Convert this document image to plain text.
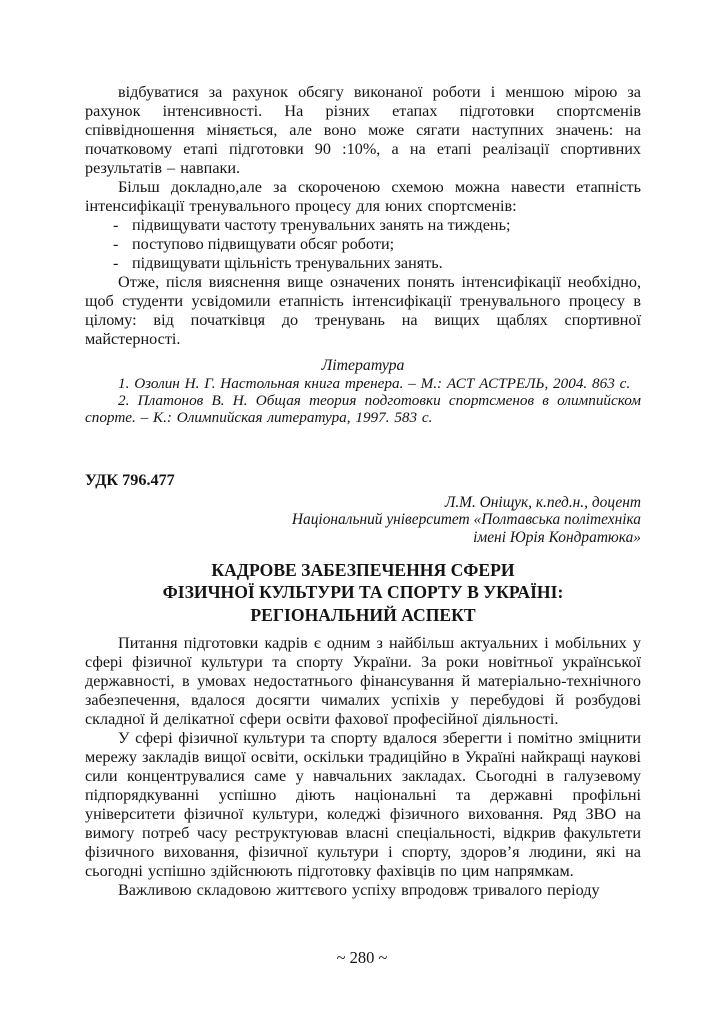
відбуватися за рахунок обсягу виконаної роботи і меншою мірою за рахунок інтенсивності. На різних етапах підготовки спортсменів співвідношення міняється, але воно може сягати наступних значень: на початковому етапі підготовки 90 :10%, а на етапі реалізації спортивних результатів – навпаки.

Більш докладно,але за скороченою схемою можна навести етапність інтенсифікації тренувального процесу для юних спортсменів:

- підвищувати частоту тренувальних занять на тиждень;
- поступово підвищувати обсяг роботи;
- підвищувати щільність тренувальних занять.

Отже, після вияснення вище означених понять інтенсифікації необхідно, щоб студенти усвідомили етапність інтенсифікації тренувального процесу в цілому: від початківця до тренувань на вищих щаблях спортивної майстерності.

Література

1. Озолин Н. Г. Настольная книга тренера. – М.: АСТ АСТРЕЛЬ, 2004. 863 с.

2. Платонов В. Н. Общая теория подготовки спортсменов в олимпийском спорте. – К.: Олимпийская литература, 1997. 583 с.

УДК 796.477
Л.М. Оніщук, к.пед.н., доцент
Національний університет «Полтавська політехніка
імені Юрія Кондратюка»
КАДРОВЕ ЗАБЕЗПЕЧЕННЯ СФЕРИ
ФІЗИЧНОЇ КУЛЬТУРИ ТА СПОРТУ В УКРАЇНІ:
РЕГІОНАЛЬНИЙ АСПЕКТ

Питання підготовки кадрів є одним з найбільш актуальних і мобільних у сфері фізичної культури та спорту України. За роки новітньої української державності, в умовах недостатнього фінансування й матеріально-технічного забезпечення, вдалося досягти чималих успіхів у перебудові й розбудові складної й делікатної сфери освіти фахової професійної діяльності.

У сфері фізичної культури та спорту вдалося зберегти і помітно зміцнити мережу закладів вищої освіти, оскільки традиційно в Україні найкращі наукові сили концентрувалися саме у навчальних закладах. Сьогодні в галузевому підпорядкуванні успішно діють національні та державні профільні університети фізичної культури, коледжі фізичного виховання. Ряд ЗВО на вимогу потреб часу реструктуював власні спеціальності, відкрив факультети фізичного виховання, фізичної культури і спорту, здоров’я людини, які на сьогодні успішно здійснюють підготовку фахівців по цим напрямкам.

Важливою складовою життєвого успіху впродовж тривалого періоду

~ 280 ~
